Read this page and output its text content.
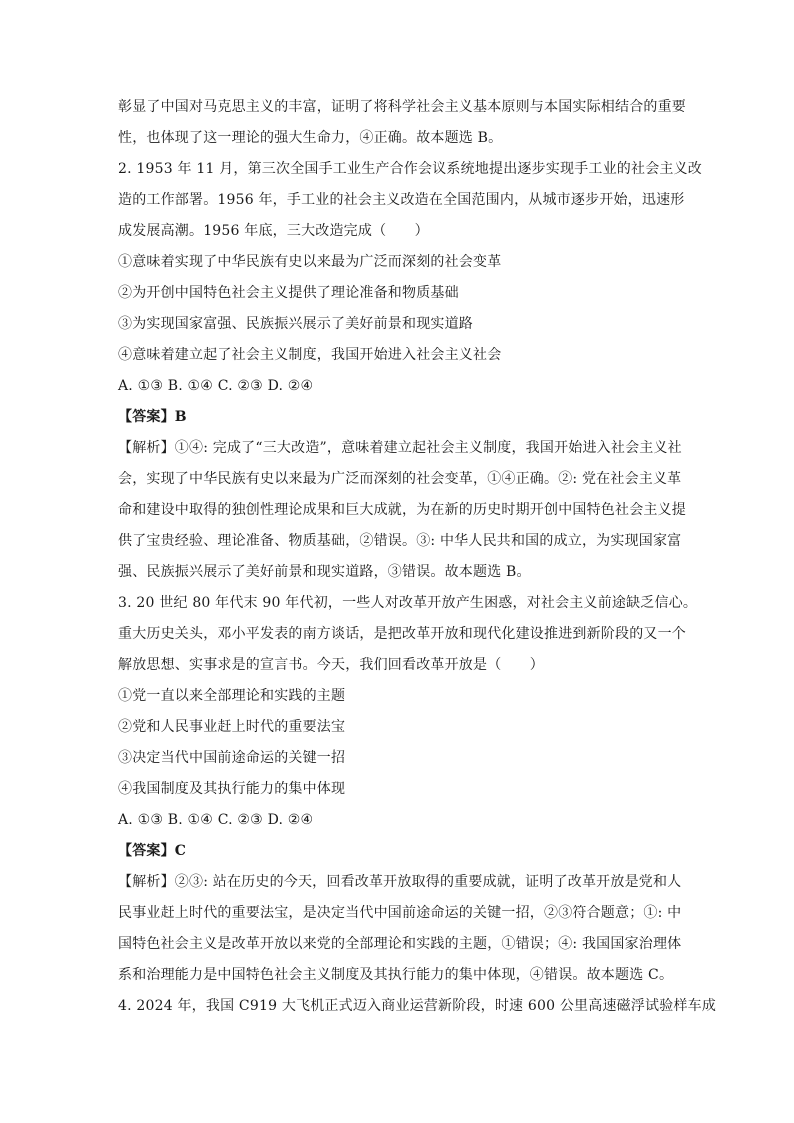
彰显了中国对马克思主义的丰富，证明了将科学社会主义基本原则与本国实际相结合的重要
性，也体现了这一理论的强大生命力，④正确。故本题选 B。
2. 1953 年 11 月，第三次全国手工业生产合作会议系统地提出逐步实现手工业的社会主义改
造的工作部署。1956 年，手工业的社会主义改造在全国范围内，从城市逐步开始，迅速形
成发展高潮。1956 年底，三大改造完成（　　）
①意味着实现了中华民族有史以来最为广泛而深刻的社会变革
②为开创中国特色社会主义提供了理论准备和物质基础
③为实现国家富强、民族振兴展示了美好前景和现实道路
④意味着建立起了社会主义制度，我国开始进入社会主义社会
A. ①③ B. ①④ C. ②③ D. ②④
【答案】B
【解析】①④: 完成了“三大改造”，意味着建立起社会主义制度，我国开始进入社会主义社
会，实现了中华民族有史以来最为广泛而深刻的社会变革，①④正确。②: 党在社会主义革
命和建设中取得的独创性理论成果和巨大成就，为在新的历史时期开创中国特色社会主义提
供了宝贵经验、理论准备、物质基础，②错误。③: 中华人民共和国的成立，为实现国家富
强、民族振兴展示了美好前景和现实道路，③错误。故本题选 B。
3. 20 世纪 80 年代末 90 年代初，一些人对改革开放产生困惑，对社会主义前途缺乏信心。
重大历史关头，邓小平发表的南方谈话，是把改革开放和现代化建设推进到新阶段的又一个
解放思想、实事求是的宣言书。今天，我们回看改革开放是（　　）
①党一直以来全部理论和实践的主题
②党和人民事业赶上时代的重要法宝
③决定当代中国前途命运的关键一招
④我国制度及其执行能力的集中体现
A. ①③ B. ①④ C. ②③ D. ②④
【答案】C
【解析】②③: 站在历史的今天，回看改革开放取得的重要成就，证明了改革开放是党和人
民事业赶上时代的重要法宝，是决定当代中国前途命运的关键一招，②③符合题意；①: 中
国特色社会主义是改革开放以来党的全部理论和实践的主题，①错误；④: 我国国家治理体
系和治理能力是中国特色社会主义制度及其执行能力的集中体现，④错误。故本题选 C。
4. 2024 年，我国 C919 大飞机正式迈入商业运营新阶段，时速 600 公里高速磁浮试验样车成
